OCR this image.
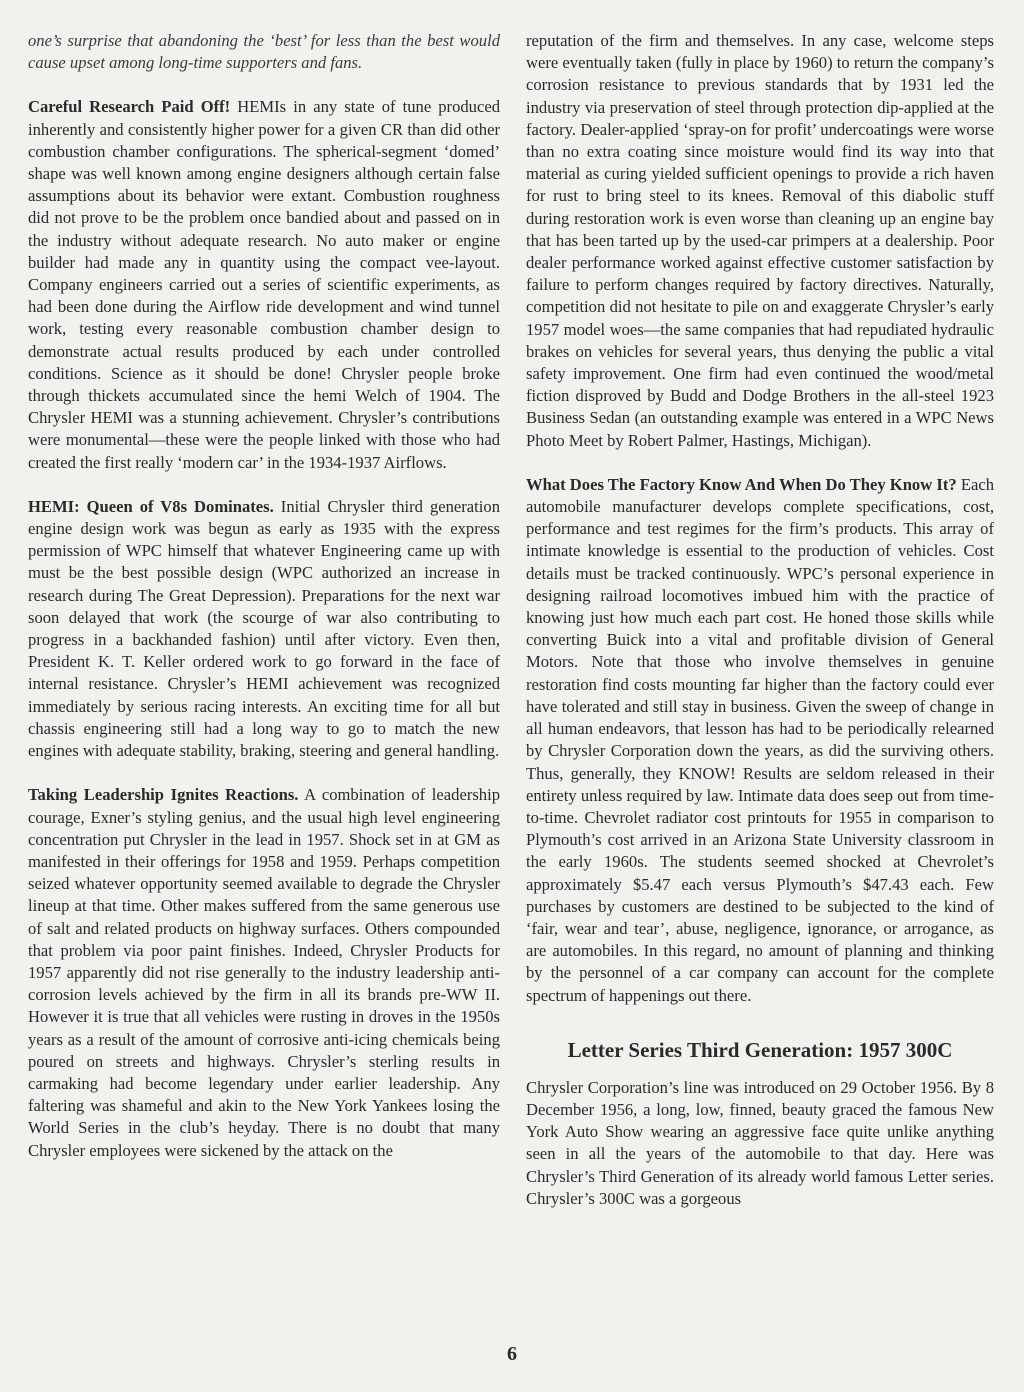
one’s surprise that abandoning the ‘best’ for less than the best would cause upset among long-time supporters and fans.

Careful Research Paid Off! HEMIs in any state of tune produced inherently and consistently higher power for a given CR than did other combustion chamber configurations. The spherical-segment ‘domed’ shape was well known among engine designers although certain false assumptions about its behavior were extant. Combustion roughness did not prove to be the problem once bandied about and passed on in the industry without adequate research. No auto maker or engine builder had made any in quantity using the compact vee-layout. Company engineers carried out a series of scientific experiments, as had been done during the Airflow ride development and wind tunnel work, testing every reasonable combustion chamber design to demonstrate actual results produced by each under controlled conditions. Science as it should be done! Chrysler people broke through thickets accumulated since the hemi Welch of 1904. The Chrysler HEMI was a stunning achievement. Chrysler’s contributions were monumental—these were the people linked with those who had created the first really ‘modern car’ in the 1934-1937 Airflows.

HEMI: Queen of V8s Dominates. Initial Chrysler third generation engine design work was begun as early as 1935 with the express permission of WPC himself that whatever Engineering came up with must be the best possible design (WPC authorized an increase in research during The Great Depression). Preparations for the next war soon delayed that work (the scourge of war also contributing to progress in a backhanded fashion) until after victory. Even then, President K. T. Keller ordered work to go forward in the face of internal resistance. Chrysler’s HEMI achievement was recognized immediately by serious racing interests. An exciting time for all but chassis engineering still had a long way to go to match the new engines with adequate stability, braking, steering and general handling.

Taking Leadership Ignites Reactions. A combination of leadership courage, Exner’s styling genius, and the usual high level engineering concentration put Chrysler in the lead in 1957. Shock set in at GM as manifested in their offerings for 1958 and 1959. Perhaps competition seized whatever opportunity seemed available to degrade the Chrysler lineup at that time. Other makes suffered from the same generous use of salt and related products on highway surfaces. Others compounded that problem via poor paint finishes. Indeed, Chrysler Products for 1957 apparently did not rise generally to the industry leadership anti-corrosion levels achieved by the firm in all its brands pre-WW II. However it is true that all vehicles were rusting in droves in the 1950s years as a result of the amount of corrosive anti-icing chemicals being poured on streets and highways. Chrysler’s sterling results in carmaking had become legendary under earlier leadership. Any faltering was shameful and akin to the New York Yankees losing the World Series in the club’s heyday. There is no doubt that many Chrysler employees were sickened by the attack on the

reputation of the firm and themselves. In any case, welcome steps were eventually taken (fully in place by 1960) to return the company’s corrosion resistance to previous standards that by 1931 led the industry via preservation of steel through protection dip-applied at the factory. Dealer-applied ‘spray-on for profit’ undercoatings were worse than no extra coating since moisture would find its way into that material as curing yielded sufficient openings to provide a rich haven for rust to bring steel to its knees. Removal of this diabolic stuff during restoration work is even worse than cleaning up an engine bay that has been tarted up by the used-car primpers at a dealership. Poor dealer performance worked against effective customer satisfaction by failure to perform changes required by factory directives. Naturally, competition did not hesitate to pile on and exaggerate Chrysler’s early 1957 model woes—the same companies that had repudiated hydraulic brakes on vehicles for several years, thus denying the public a vital safety improvement. One firm had even continued the wood/metal fiction disproved by Budd and Dodge Brothers in the all-steel 1923 Business Sedan (an outstanding example was entered in a WPC News Photo Meet by Robert Palmer, Hastings, Michigan).

What Does The Factory Know And When Do They Know It? Each automobile manufacturer develops complete specifications, cost, performance and test regimes for the firm’s products. This array of intimate knowledge is essential to the production of vehicles. Cost details must be tracked continuously. WPC’s personal experience in designing railroad locomotives imbued him with the practice of knowing just how much each part cost. He honed those skills while converting Buick into a vital and profitable division of General Motors. Note that those who involve themselves in genuine restoration find costs mounting far higher than the factory could ever have tolerated and still stay in business. Given the sweep of change in all human endeavors, that lesson has had to be periodically relearned by Chrysler Corporation down the years, as did the surviving others. Thus, generally, they KNOW! Results are seldom released in their entirety unless required by law. Intimate data does seep out from time-to-time. Chevrolet radiator cost printouts for 1955 in comparison to Plymouth’s cost arrived in an Arizona State University classroom in the early 1960s. The students seemed shocked at Chevrolet’s approximately $5.47 each versus Plymouth’s $47.43 each. Few purchases by customers are destined to be subjected to the kind of ‘fair, wear and tear’, abuse, negligence, ignorance, or arrogance, as are automobiles. In this regard, no amount of planning and thinking by the personnel of a car company can account for the complete spectrum of happenings out there.

Letter Series Third Generation: 1957 300C

Chrysler Corporation’s line was introduced on 29 October 1956. By 8 December 1956, a long, low, finned, beauty graced the famous New York Auto Show wearing an aggressive face quite unlike anything seen in all the years of the automobile to that day. Here was Chrysler’s Third Generation of its already world famous Letter series. Chrysler’s 300C was a gorgeous

6
